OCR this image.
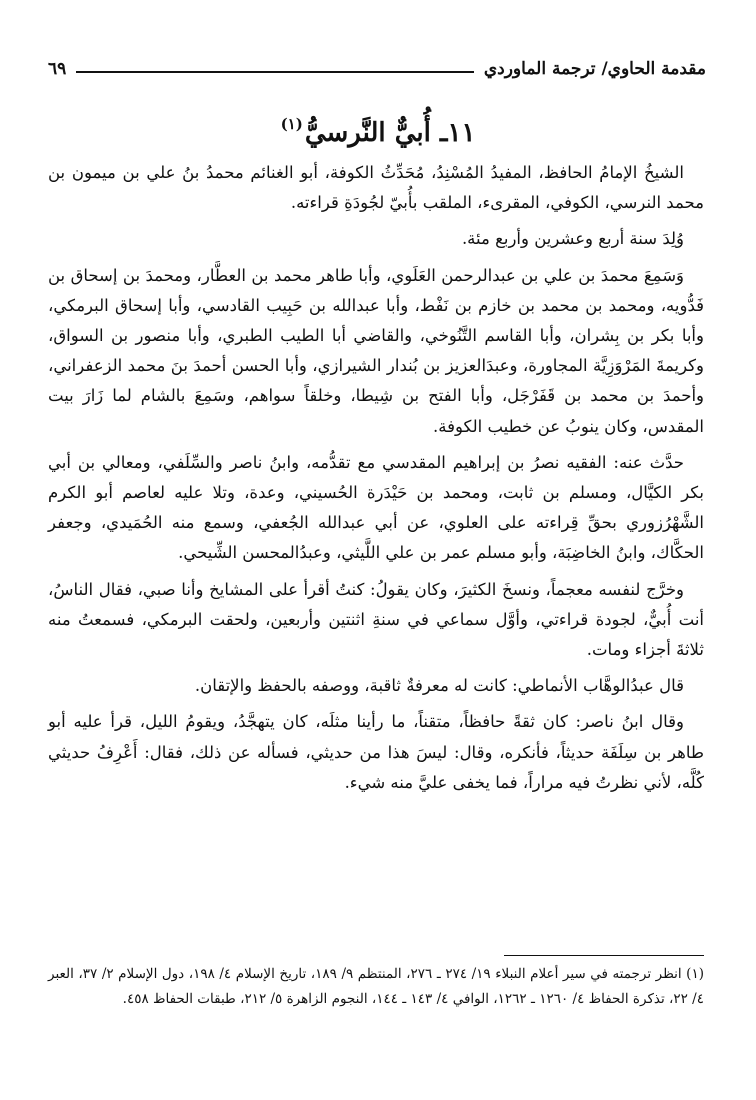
مقدمة الحاوي/ ترجمة الماوردي
٦٩
١١ـ أُبيٌّ النَّرسيُّ$^{(١)}$

الشيخُ الإمامُ الحافظ، المفيدُ المُسْنِدُ، مُحَدِّثُ الكوفة، أبو الغنائم محمدُ بنُ علي بن ميمون بن محمد النرسي، الكوفي، المقرىء، الملقب بأُبيّ لجُودَةِ قراءته.

وُلِدَ سنة أربع وعشرين وأربع مئة.

وَسَمِعَ محمدَ بن علي بن عبدالرحمن العَلَوي، وأبا طاهر محمد بن العطَّار، ومحمدَ بن إسحاق بن فَدُّويه، ومحمد بن محمد بن خازم بن نَفْط، وأبا عبدالله بن حَبِيب القادسي، وأبا إسحاق البرمكي، وأبا بكر بن بِشران، وأبا القاسم التَّنُوخي، والقاضي أبا الطيب الطبري، وأبا منصور بن السواق، وكريمةَ المَرْوَزِيَّة المجاورة، وعبدَالعزيز بن بُندار الشيرازي، وأبا الحسن أحمدَ بنَ محمد الزعفراني، وأحمدَ بن محمد بن قَفَرْجَل، وأبا الفتح بن شِيطا، وخلقاً سواهم، وسَمِعَ بالشام لما زَارَ بيت المقدس، وكان ينوبُ عن خطيب الكوفة.

حدَّث عنه: الفقيه نصرُ بن إبراهيم المقدسي مع تقدُّمه، وابنُ ناصر والسِّلَفي، ومعالي بن أبي بكر الكيَّال، ومسلم بن ثابت، ومحمد بن حَيْدَرة الحُسيني، وعدة، وتلا عليه لعاصم أبو الكرم الشَّهْرُزوري بحقِّ قِراءته على العلوي، عن أبي عبدالله الجُعفي، وسمع منه الحُمَيدي، وجعفر الحكَّاك، وابنُ الخاضِبَة، وأبو مسلم عمر بن علي اللَّيثي، وعبدُالمحسن الشِّيحي.

وخرَّج لنفسه معجماً، ونسخَ الكثيرَ، وكان يقولُ: كنتُ أقرأ على المشايخ وأنا صبي، فقال الناسُ، أنت أُبيٌّ، لجودة قراءتي، وأوَّل سماعي في سنةِ اثنتين وأربعين، ولحقت البرمكي، فسمعتُ منه ثلاثةَ أجزاء ومات.

قال عبدُالوهَّاب الأنماطي: كانت له معرفةٌ ثاقبة، ووصفه بالحفظ والإتقان.

وقال ابنُ ناصر: كان ثقةً حافظاً، متقناً، ما رأينا مثلَه، كان يتهجَّدُ، ويقومُ الليل، قرأ عليه أبو طاهر بن سِلَفَة حديثاً، فأنكره، وقال: ليسَ هذا من حديثي، فسأله عن ذلك، فقال: أَعْرِفُ حديثي كُلَّه، لأني نظرتُ فيه مراراً، فما يخفى عليَّ منه شيء.

(١) انظر ترجمته في سير أعلام النبلاء ١٩/ ٢٧٤ ـ ٢٧٦، المنتظم ٩/ ١٨٩، تاريخ الإسلام ٤/ ١٩٨، دول الإسلام ٢/ ٣٧، العبر ٤/ ٢٢، تذكرة الحفاظ ٤/ ١٢٦٠ ـ ١٢٦٢، الوافي ٤/ ١٤٣ ـ ١٤٤، النجوم الزاهرة ٥/ ٢١٢، طبقات الحفاظ ٤٥٨.
